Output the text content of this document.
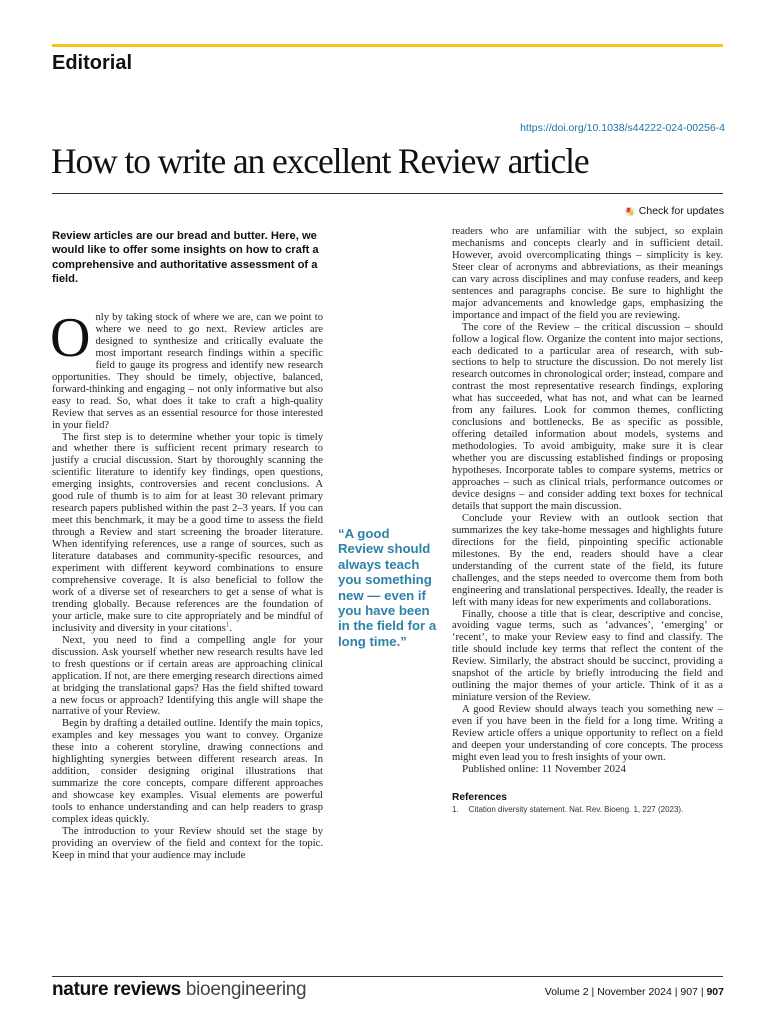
Editorial
https://doi.org/10.1038/s44222-024-00256-4
How to write an excellent Review article
Check for updates

Review articles are our bread and butter. Here, we would like to offer some insights on how to craft a comprehensive and authoritative assessment of a field.

Only by taking stock of where we are, can we point to where we need to go next. Review articles are designed to synthesize and critically evaluate the most important research findings within a specific field to gauge its progress and identify new research opportunities. They should be timely, objective, balanced, forward-thinking and engaging – not only informative but also easy to read. So, what does it take to craft a high-quality Review that serves as an essential resource for those interested in your field?

The first step is to determine whether your topic is timely and whether there is sufficient recent primary research to justify a crucial discussion. Start by thoroughly scanning the scientific literature to identify key findings, open questions, emerging insights, controversies and recent conclusions. A good rule of thumb is to aim for at least 30 relevant primary research papers published within the past 2–3 years. If you can meet this benchmark, it may be a good time to assess the field through a Review and start screening the broader literature. When identifying references, use a range of sources, such as literature databases and community-specific resources, and experiment with different keyword combinations to ensure comprehensive coverage. It is also beneficial to follow the work of a diverse set of researchers to get a sense of what is trending globally. Because references are the foundation of your article, make sure to cite appropriately and be mindful of inclusivity and diversity in your citations$^1$.

Next, you need to find a compelling angle for your discussion. Ask yourself whether new research results have led to fresh questions or if certain areas are approaching clinical application. If not, are there emerging research directions aimed at bridging the translational gaps? Has the field shifted toward a new focus or approach? Identifying this angle will shape the narrative of your Review.

Begin by drafting a detailed outline. Identify the main topics, examples and key messages you want to convey. Organize these into a coherent storyline, drawing connections and highlighting synergies between different research areas. In addition, consider designing original illustrations that summarize the core concepts, compare different approaches and showcase key examples. Visual elements are powerful tools to enhance understanding and can help readers to grasp complex ideas quickly.

The introduction to your Review should set the stage by providing an overview of the field and context for the topic. Keep in mind that your audience may include

“A good Review should always teach you something new — even if you have been in the field for a long time.”

readers who are unfamiliar with the subject, so explain mechanisms and concepts clearly and in sufficient detail. However, avoid overcomplicating things – simplicity is key. Steer clear of acronyms and abbreviations, as their meanings can vary across disciplines and may confuse readers, and keep sentences and paragraphs concise. Be sure to highlight the major advancements and knowledge gaps, emphasizing the importance and impact of the field you are reviewing.

The core of the Review – the critical discussion – should follow a logical flow. Organize the content into major sections, each dedicated to a particular area of research, with sub-sections to help to structure the discussion. Do not merely list research outcomes in chronological order; instead, compare and contrast the most representative research findings, exploring what has succeeded, what has not, and what can be learned from any failures. Look for common themes, conflicting conclusions and bottlenecks. Be as specific as possible, offering detailed information about models, systems and methodologies. To avoid ambiguity, make sure it is clear whether you are discussing established findings or proposing hypotheses. Incorporate tables to compare systems, metrics or approaches – such as clinical trials, performance outcomes or device designs – and consider adding text boxes for technical details that support the main discussion.

Conclude your Review with an outlook section that summarizes the key take-home messages and highlights future directions for the field, pinpointing specific actionable milestones. By the end, readers should have a clear understanding of the current state of the field, its future challenges, and the steps needed to overcome them from both engineering and translational perspectives. Ideally, the reader is left with many ideas for new experiments and collaborations.

Finally, choose a title that is clear, descriptive and concise, avoiding vague terms, such as ‘advances’, ‘emerging’ or ‘recent’, to make your Review easy to find and classify. The title should include key terms that reflect the content of the Review. Similarly, the abstract should be succinct, providing a snapshot of the article by briefly introducing the field and outlining the major themes of your article. Think of it as a miniature version of the Review.

A good Review should always teach you something new – even if you have been in the field for a long time. Writing a Review article offers a unique opportunity to reflect on a field and deepen your understanding of core concepts. The process might even lead you to fresh insights of your own.

Published online: 11 November 2024

References
1. Citation diversity statement. Nat. Rev. Bioeng. 1, 227 (2023).
nature reviews bioengineering	Volume 2 | November 2024 | 907 | 907
